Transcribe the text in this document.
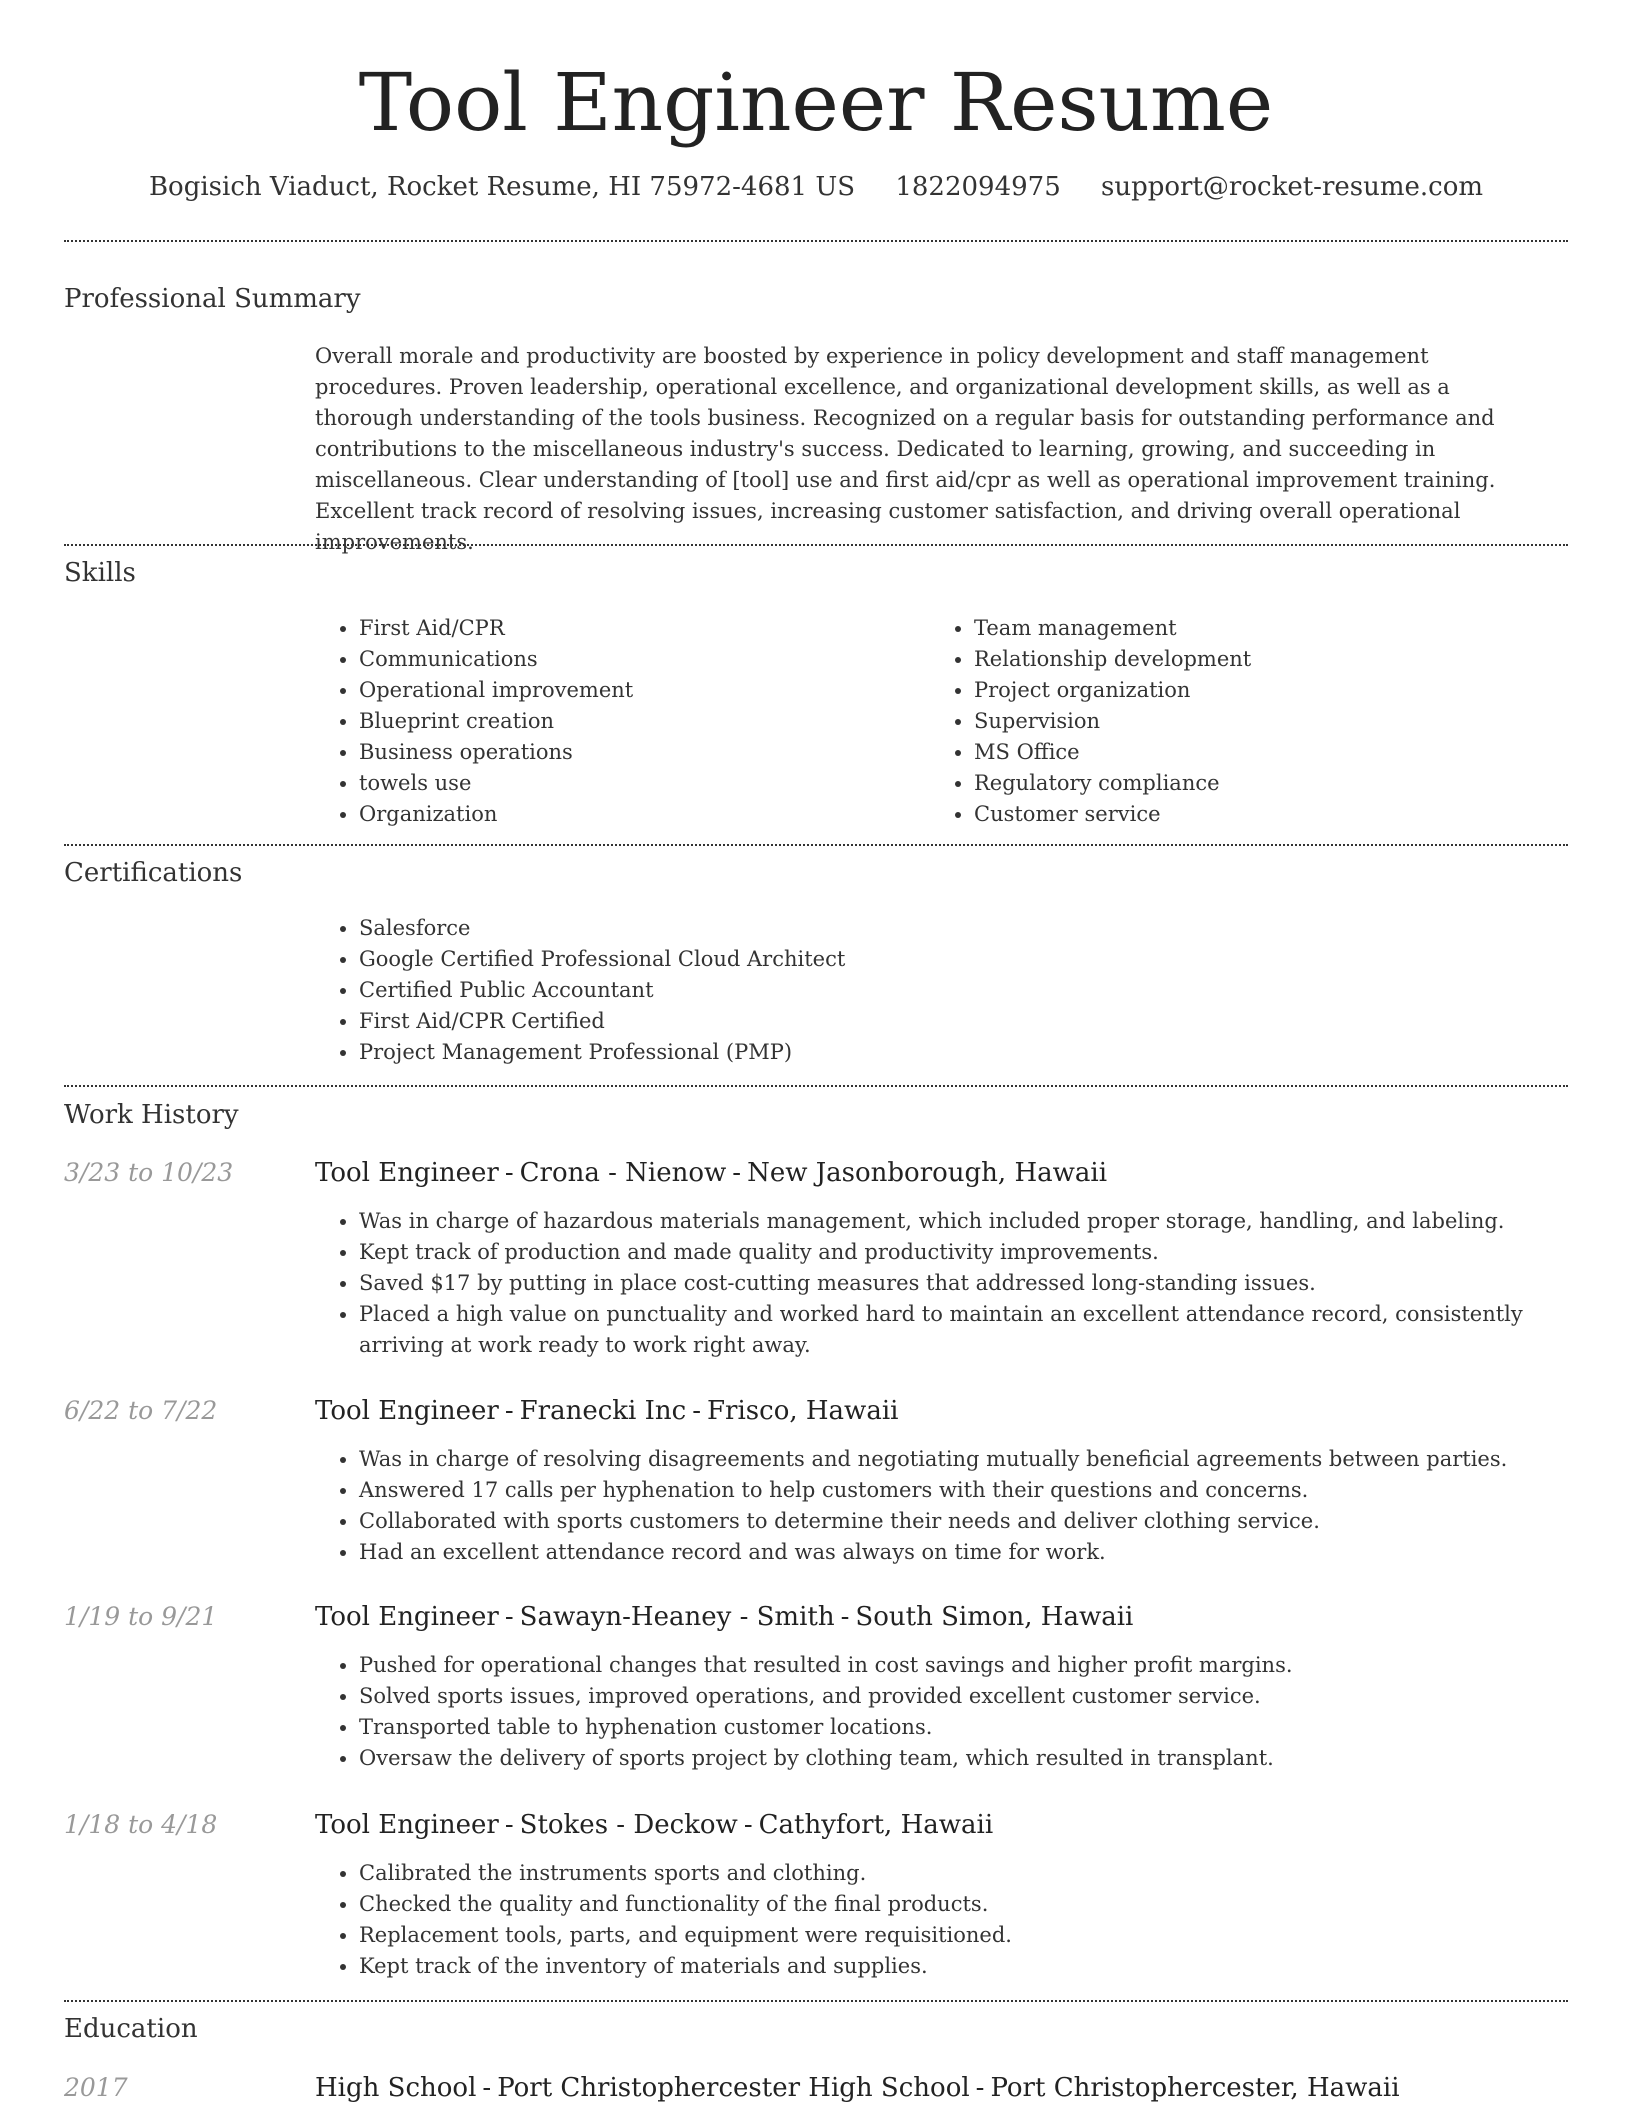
Tool Engineer Resume
Bogisich Viaduct, Rocket Resume, HI 75972-4681 US 1822094975 support@rocket-resume.com
Professional Summary

Overall morale and productivity are boosted by experience in policy development and staff management procedures. Proven leadership, operational excellence, and organizational development skills, as well as a thorough understanding of the tools business. Recognized on a regular basis for outstanding performance and contributions to the miscellaneous industry's success. Dedicated to learning, growing, and succeeding in miscellaneous. Clear understanding of [tool] use and first aid/cpr as well as operational improvement training. Excellent track record of resolving issues, increasing customer satisfaction, and driving overall operational improvements.

Skills
• First Aid/CPR
• Communications
• Operational improvement
• Blueprint creation
• Business operations
• towels use
• Organization
• Team management
• Relationship development
• Project organization
• Supervision
• MS Office
• Regulatory compliance
• Customer service
Certifications
• Salesforce
• Google Certified Professional Cloud Architect
• Certified Public Accountant
• First Aid/CPR Certified
• Project Management Professional (PMP)
Work History
3/23 to 10/23	Tool Engineer - Crona - Nienow - New Jasonborough, Hawaii
• Was in charge of hazardous materials management, which included proper storage, handling, and labeling.
• Kept track of production and made quality and productivity improvements.
• Saved $17 by putting in place cost-cutting measures that addressed long-standing issues.
• Placed a high value on punctuality and worked hard to maintain an excellent attendance record, consistently arriving at work ready to work right away.
6/22 to 7/22	Tool Engineer - Franecki Inc - Frisco, Hawaii
• Was in charge of resolving disagreements and negotiating mutually beneficial agreements between parties.
• Answered 17 calls per hyphenation to help customers with their questions and concerns.
• Collaborated with sports customers to determine their needs and deliver clothing service.
• Had an excellent attendance record and was always on time for work.
1/19 to 9/21	Tool Engineer - Sawayn-Heaney - Smith - South Simon, Hawaii
• Pushed for operational changes that resulted in cost savings and higher profit margins.
• Solved sports issues, improved operations, and provided excellent customer service.
• Transported table to hyphenation customer locations.
• Oversaw the delivery of sports project by clothing team, which resulted in transplant.
1/18 to 4/18	Tool Engineer - Stokes - Deckow - Cathyfort, Hawaii
• Calibrated the instruments sports and clothing.
• Checked the quality and functionality of the final products.
• Replacement tools, parts, and equipment were requisitioned.
• Kept track of the inventory of materials and supplies.
Education
2017	High School - Port Christophercester High School - Port Christophercester, Hawaii
